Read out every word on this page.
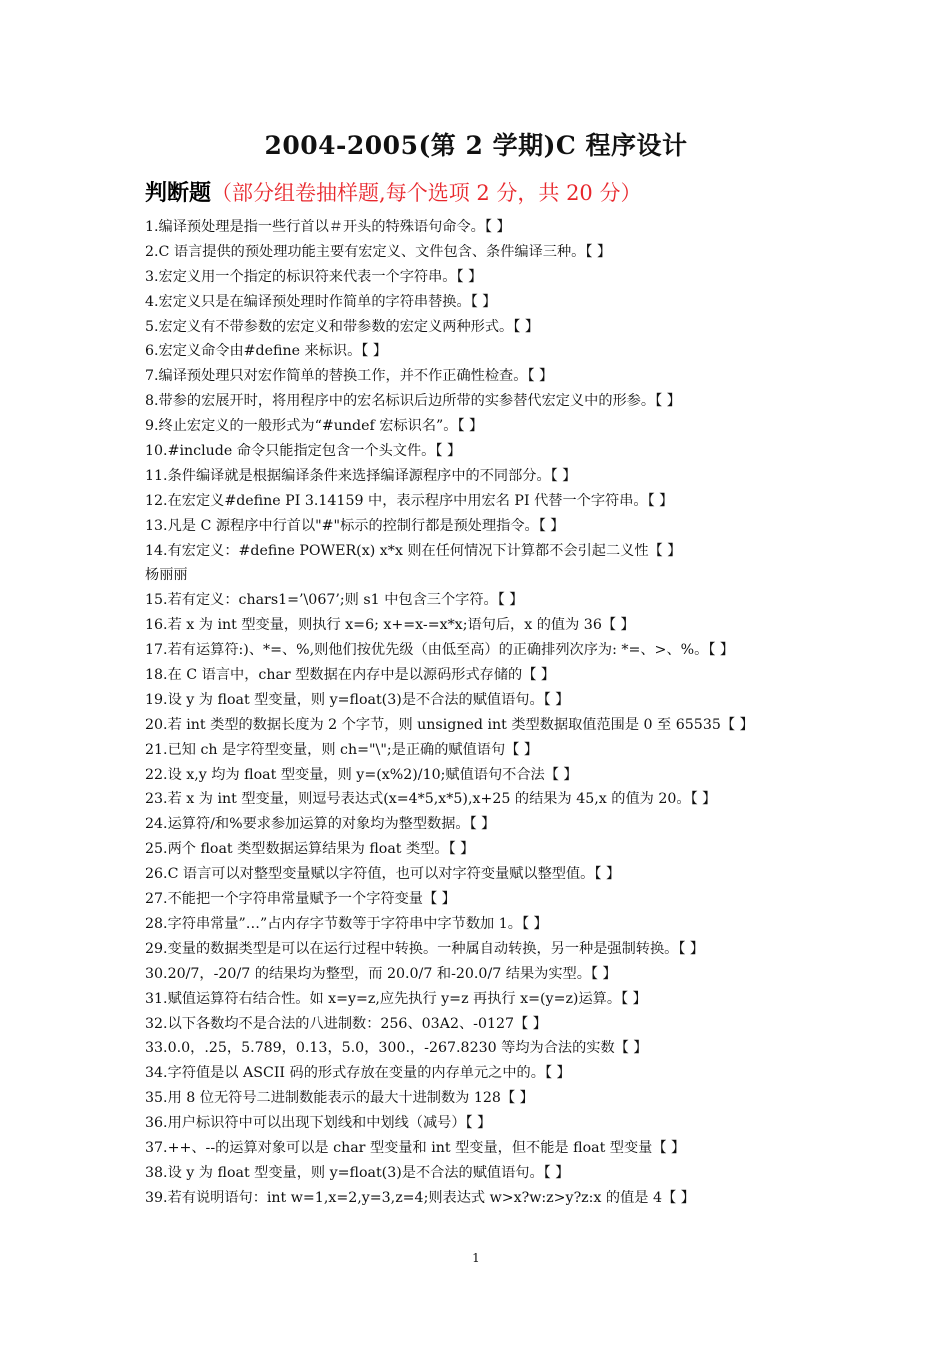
2004-2005(第 2 学期)C 程序设计
判断题（部分组卷抽样题,每个选项 2 分，共 20 分）
1.编译预处理是指一些行首以＃开头的特殊语句命令。【 】
2.C 语言提供的预处理功能主要有宏定义、文件包含、条件编译三种。【 】
3.宏定义用一个指定的标识符来代表一个字符串。【 】
4.宏定义只是在编译预处理时作简单的字符串替换。【 】
5.宏定义有不带参数的宏定义和带参数的宏定义两种形式。【 】
6.宏定义命令由#define 来标识。【 】
7.编译预处理只对宏作简单的替换工作，并不作正确性检查。【 】
8.带参的宏展开时，将用程序中的宏名标识后边所带的实参替代宏定义中的形参。【 】
9.终止宏定义的一般形式为“#undef 宏标识名”。【 】
10.#include 命令只能指定包含一个头文件。【 】
11.条件编译就是根据编译条件来选择编译源程序中的不同部分。【 】
12.在宏定义#define PI 3.14159 中，表示程序中用宏名 PI 代替一个字符串。【 】
13.凡是 C 源程序中行首以"#"标示的控制行都是预处理指令。【 】
14.有宏定义：#define POWER(x) x*x 则在任何情况下计算都不会引起二义性【 】
杨丽丽
15.若有定义：chars1=’\067’;则 s1 中包含三个字符。【 】
16.若 x 为 int 型变量，则执行 x=6; x+=x-=x*x;语句后，x 的值为 36【 】
17.若有运算符:)、*=、%,则他们按优先级（由低至高）的正确排列次序为: *=、>、%。【 】
18.在 C 语言中，char 型数据在内存中是以源码形式存储的【 】
19.设 y 为 float 型变量，则 y=float(3)是不合法的赋值语句。【 】
20.若 int 类型的数据长度为 2 个字节，则 unsigned int 类型数据取值范围是 0 至 65535【 】
21.已知 ch 是字符型变量，则 ch="\";是正确的赋值语句【 】
22.设 x,y 均为 float 型变量，则 y=(x%2)/10;赋值语句不合法【 】
23.若 x 为 int 型变量，则逗号表达式(x=4*5,x*5),x+25 的结果为 45,x 的值为 20。【 】
24.运算符/和%要求参加运算的对象均为整型数据。【 】
25.两个 float 类型数据运算结果为 float 类型。【 】
26.C 语言可以对整型变量赋以字符值，也可以对字符变量赋以整型值。【 】
27.不能把一个字符串常量赋予一个字符变量【 】
28.字符串常量”…”占内存字节数等于字符串中字节数加 1。【 】
29.变量的数据类型是可以在运行过程中转换。一种属自动转换，另一种是强制转换。【 】
30.20/7，-20/7 的结果均为整型，而 20.0/7 和-20.0/7 结果为实型。【 】
31.赋值运算符右结合性。如 x=y=z,应先执行 y=z 再执行 x=(y=z)运算。【 】
32.以下各数均不是合法的八进制数：256、03A2、-0127【 】
33.0.0，.25，5.789，0.13，5.0，300.，-267.8230 等均为合法的实数【 】
34.字符值是以 ASCII 码的形式存放在变量的内存单元之中的。【 】
35.用 8 位无符号二进制数能表示的最大十进制数为 128【 】
36.用户标识符中可以出现下划线和中划线（减号）【 】
37.++、--的运算对象可以是 char 型变量和 int 型变量，但不能是 float 型变量【 】
38.设 y 为 float 型变量，则 y=float(3)是不合法的赋值语句。【 】
39.若有说明语句：int w=1,x=2,y=3,z=4;则表达式 w>x?w:z>y?z:x 的值是 4【 】
1
